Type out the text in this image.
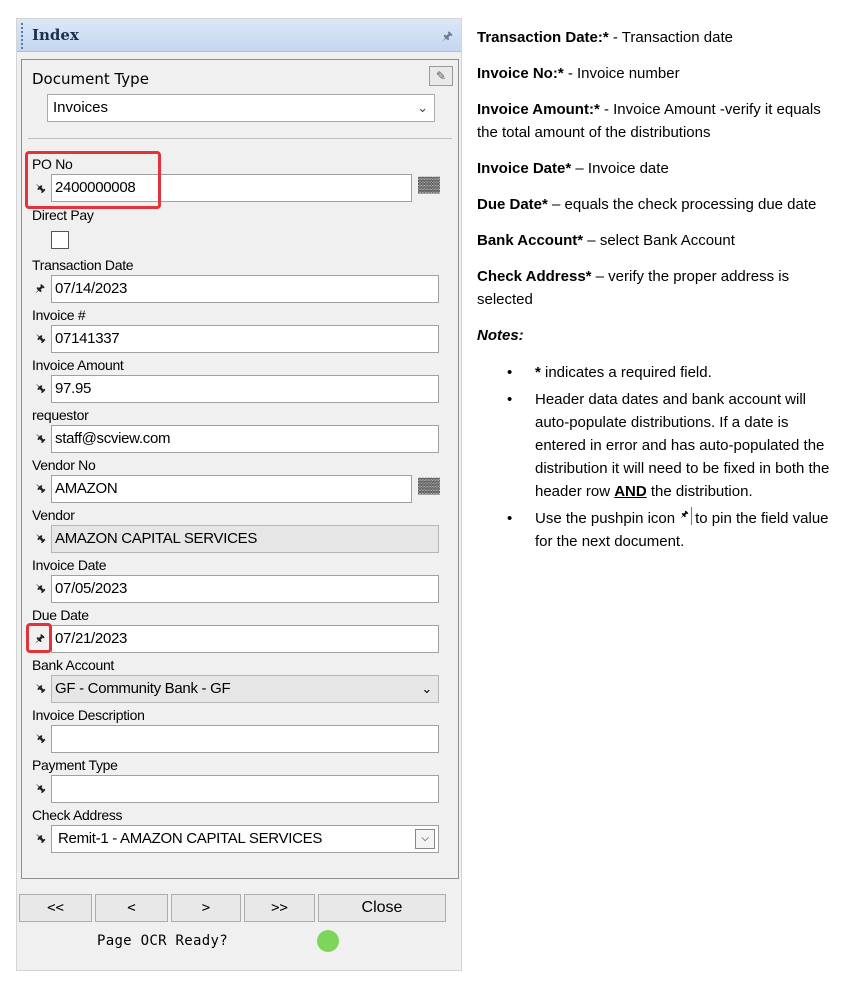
Index	🖈︎
Document Type	✎
Invoices	⌄
PO No
🖈︎ 2400000008	▓▓
Direct Pay
Transaction Date
🖈︎ 07/14/2023
Invoice #
🖈︎ 07141337
Invoice Amount
🖈︎ 97.95
requestor
🖈︎ staff@scview.com
Vendor No
🖈︎ AMAZON	▓▓
Vendor
🖈︎ AMAZON CAPITAL SERVICES
Invoice Date
🖈︎ 07/05/2023
Due Date
🖈︎ 07/21/2023
Bank Account
🖈︎ GF - Community Bank - GF	⌄
Invoice Description
🖈︎
Payment Type
🖈︎
Check Address
🖈︎ Remit-1 - AMAZON CAPITAL SERVICES	⌵
<<	<	>	>>	Close
Page OCR Ready?

Transaction Date:* - Transaction date

Invoice No:* - Invoice number

Invoice Amount:* - Invoice Amount -verify it equals the total amount of the distributions

Invoice Date* – Invoice date

Due Date* – equals the check processing due date

Bank Account* – select Bank Account

Check Address* – verify the proper address is selected

Notes:
• * indicates a required field.
• Header data dates and bank account will auto-populate distributions. If a date is entered in error and has auto-populated the distribution it will need to be fixed in both the header row AND the distribution.
• Use the pushpin icon 🖈︎ to pin the field value for the next document.
